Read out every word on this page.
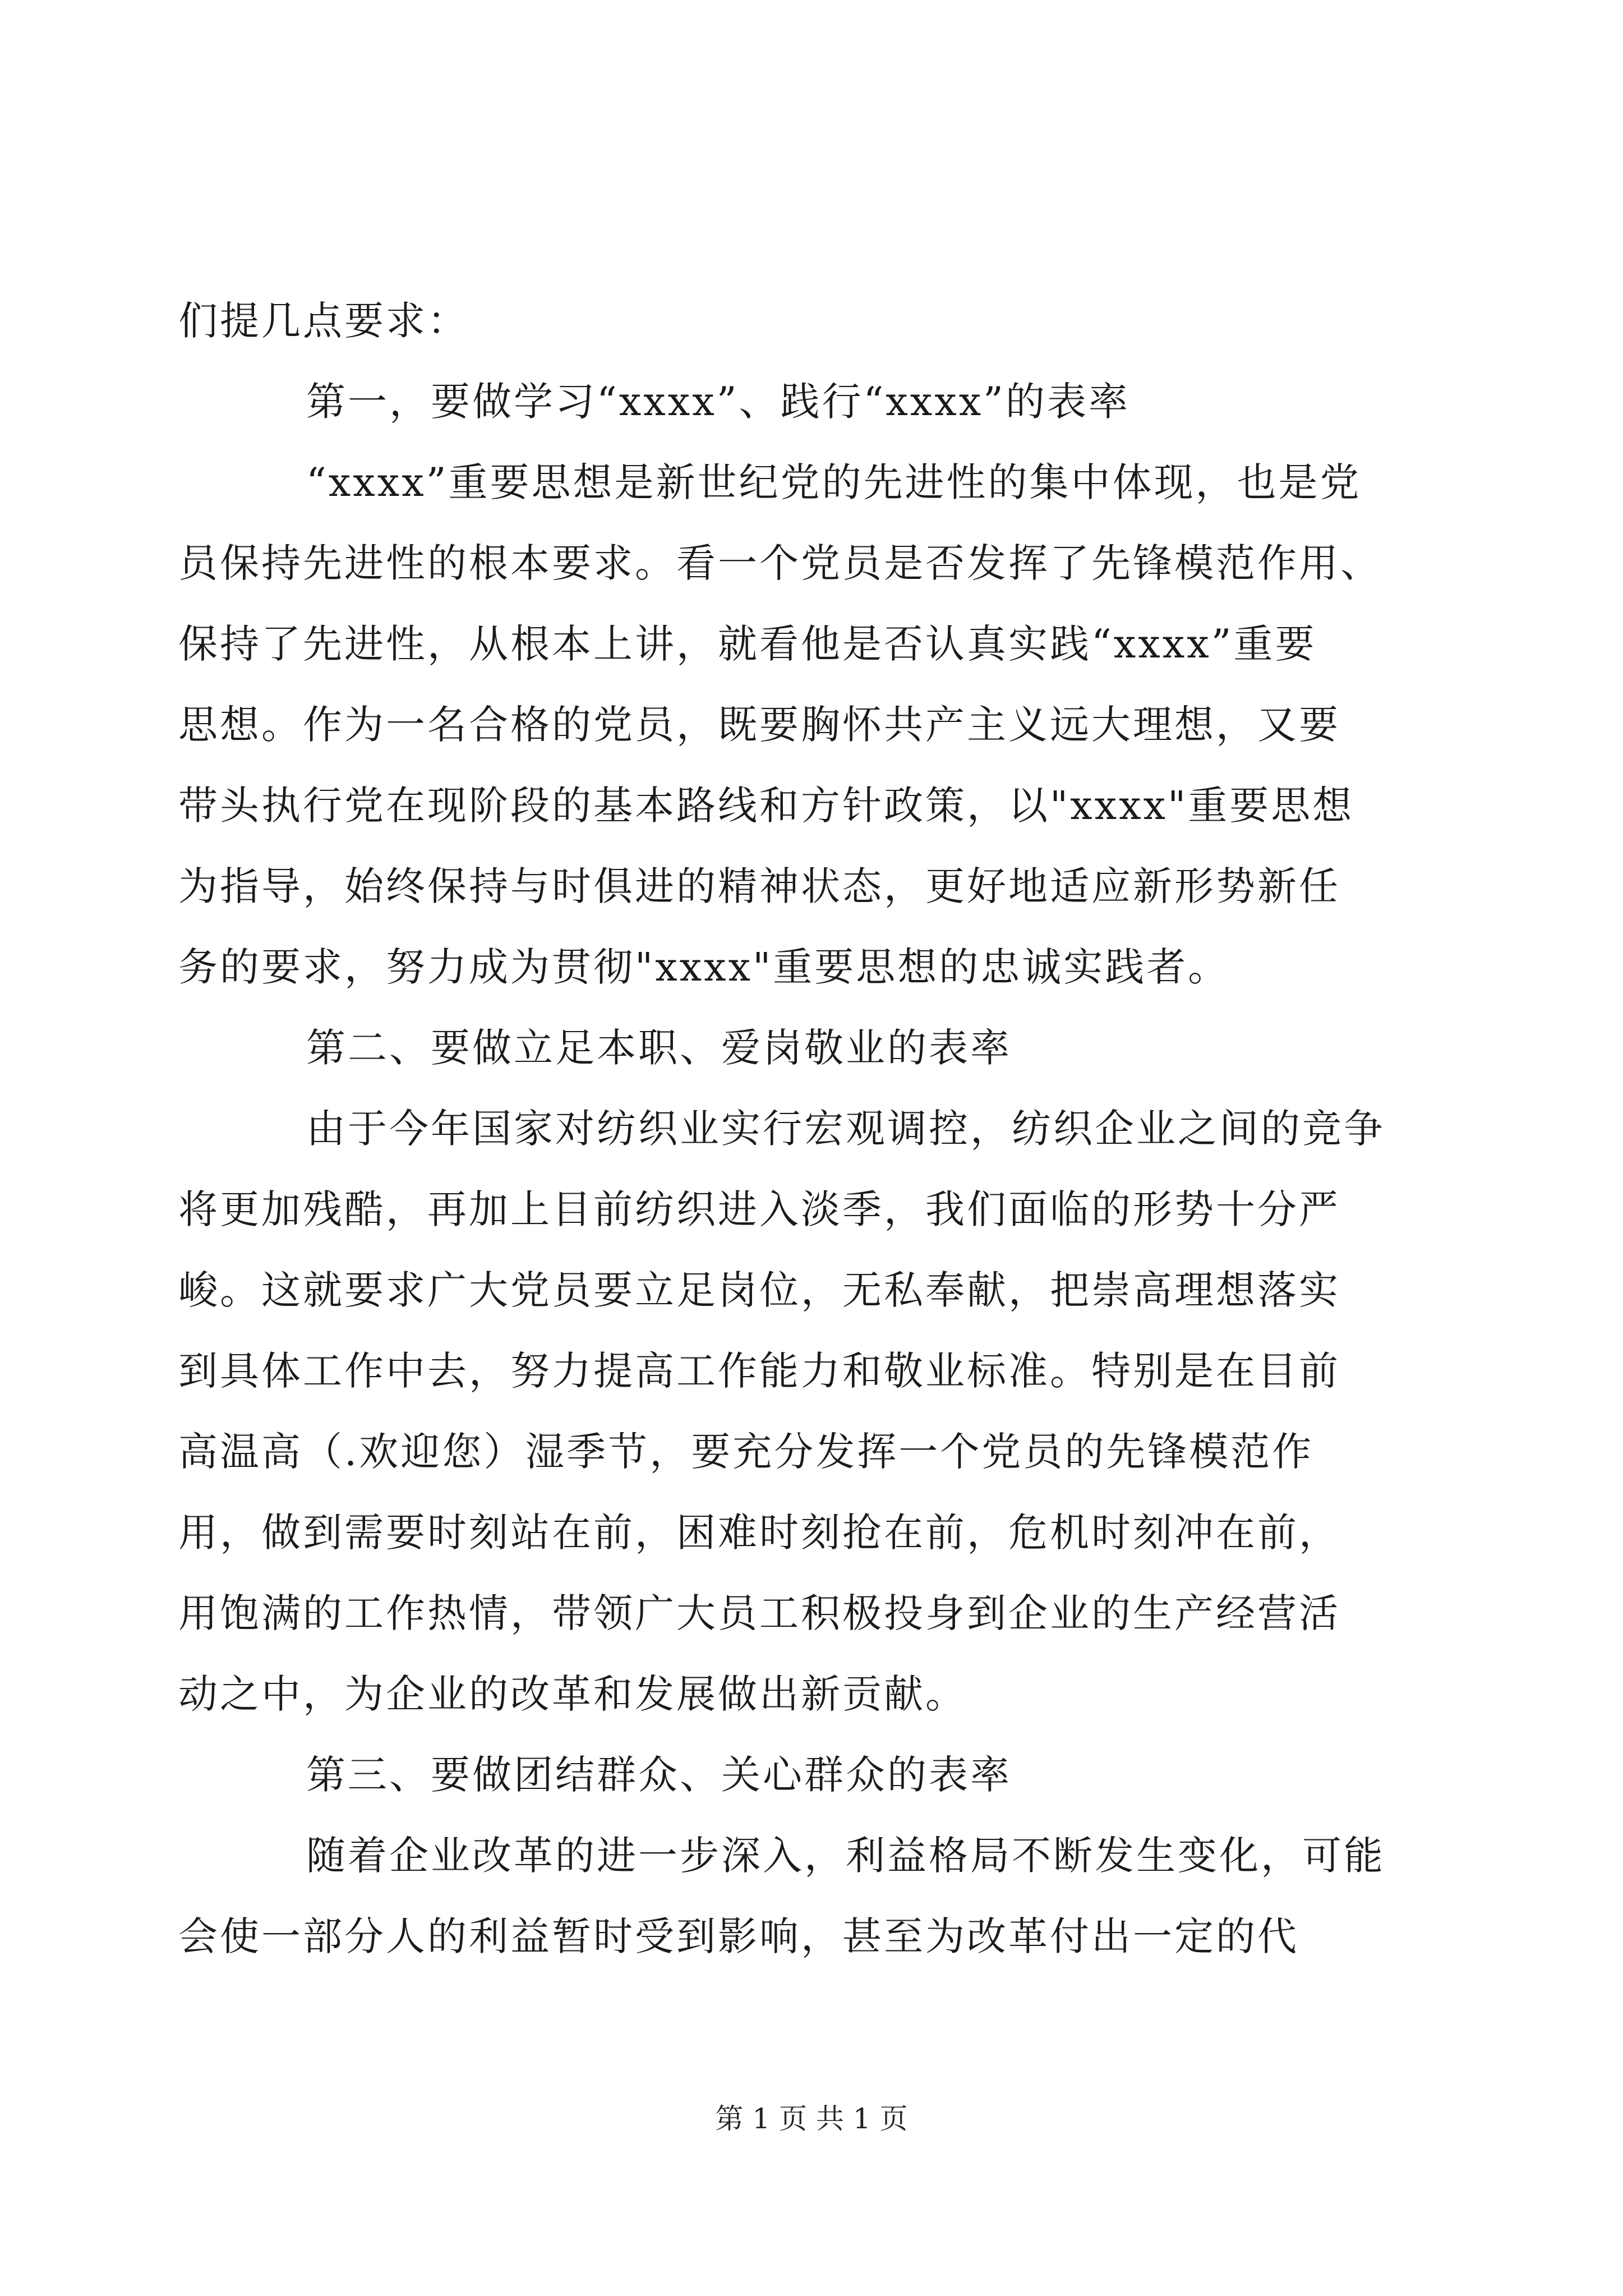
们提几点要求：
第一，要做学习“xxxx”、践行“xxxx”的表率
“xxxx”重要思想是新世纪党的先进性的集中体现，也是党
员保持先进性的根本要求。看一个党员是否发挥了先锋模范作用、
保持了先进性，从根本上讲，就看他是否认真实践“xxxx”重要
思想。作为一名合格的党员，既要胸怀共产主义远大理想，又要
带头执行党在现阶段的基本路线和方针政策，以"xxxx"重要思想
为指导，始终保持与时俱进的精神状态，更好地适应新形势新任
务的要求，努力成为贯彻"xxxx"重要思想的忠诚实践者。
第二、要做立足本职、爱岗敬业的表率
由于今年国家对纺织业实行宏观调控，纺织企业之间的竞争
将更加残酷，再加上目前纺织进入淡季，我们面临的形势十分严
峻。这就要求广大党员要立足岗位，无私奉献，把崇高理想落实
到具体工作中去，努力提高工作能力和敬业标准。特别是在目前
高温高（.欢迎您）湿季节，要充分发挥一个党员的先锋模范作
用，做到需要时刻站在前，困难时刻抢在前，危机时刻冲在前，
用饱满的工作热情，带领广大员工积极投身到企业的生产经营活
动之中，为企业的改革和发展做出新贡献。
第三、要做团结群众、关心群众的表率
随着企业改革的进一步深入，利益格局不断发生变化，可能
会使一部分人的利益暂时受到影响，甚至为改革付出一定的代
第 1 页 共 1 页
